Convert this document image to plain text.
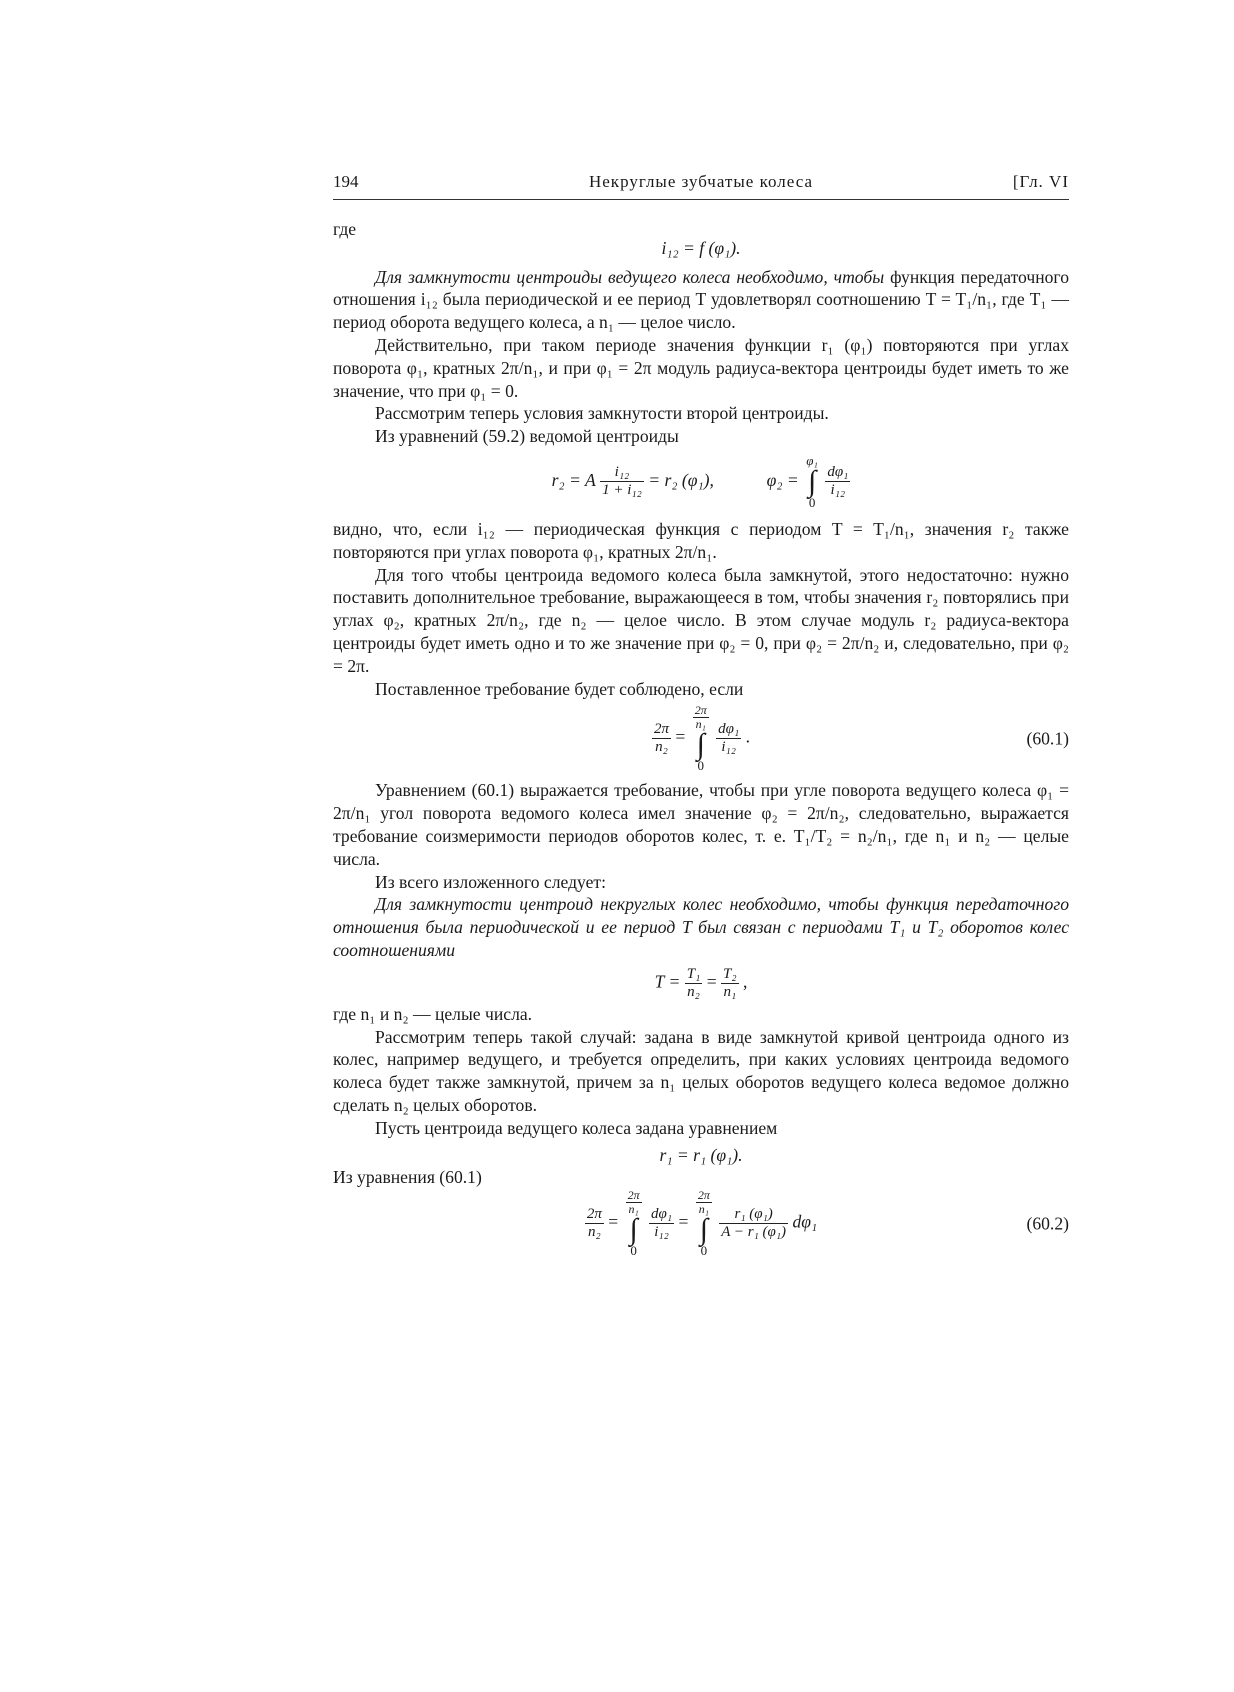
194	Некруглые зубчатые колеса	[Гл. VI

где

i₁₂ = f (φ₁).

Для замкнутости центроиды ведущего колеса необходимо, чтобы функция передаточного отношения i₁₂ была периодической и ее период T удовлетворял соотношению T = T₁/n₁, где T₁ — период оборота ведущего колеса, а n₁ — целое число.

Действительно, при таком периоде значения функции r₁ (φ₁) повторяются при углах поворота φ₁, кратных 2π/n₁, и при φ₁ = 2π модуль радиуса-вектора центроиды будет иметь то же значение, что при φ₁ = 0.

Рассмотрим теперь условия замкнутости второй центроиды.

Из уравнений (59.2) ведомой центроиды

r₂ = A $\frac{\text{i₁₂}}{\text{1 + i₁₂}} = r_2$ (φ₁),	φ₂ =
φ₁
∫
0

$\frac{\text{dφ₁}}{\text{i₁₂}}$

видно, что, если i₁₂ — периодическая функция с периодом T = T₁/n₁, значения r₂ также повторяются при углах поворота φ₁, кратных 2π/n₁.

Для того чтобы центроида ведомого колеса была замкнутой, этого недостаточно: нужно поставить дополнительное требование, выражающееся в том, чтобы значения r₂ повторялись при углах φ₂, кратных 2π/n₂, где n₂ — целое число. В этом случае модуль r₂ радиуса-вектора центроиды будет иметь одно и то же значение при φ₂ = 0, при φ₂ = 2π/n₂ и, следовательно, при φ₂ = 2π.

Поставленное требование будет соблюдено, если

$\frac{2\pi}{\text{n₂}}$ =
$\frac{2\pi}{\text{n₁}}$
∫
0

$\frac{\text{dφ₁}}{\text{i₁₂}}$ .	(60.1)

Уравнением (60.1) выражается требование, чтобы при угле поворота ведущего колеса φ₁ = 2π/n₁ угол поворота ведомого колеса имел значение φ₂ = 2π/n₂, следовательно, выражается требование соизмеримости периодов оборотов колес, т. е. T₁/T₂ = n₂/n₁, где n₁ и n₂ — целые числа.

Из всего изложенного следует:

Для замкнутости центроид некруглых колес необходимо, чтобы функция передаточного отношения была периодической и ее период T был связан с периодами T₁ и T₂ оборотов колес соотношениями

$T = \frac{\text{T₁}}{\text{n₂}} = \frac{\text{T₂}}{\text{n₁}}$ ,

где n₁ и n₂ — целые числа.

Рассмотрим теперь такой случай: задана в виде замкнутой кривой центроида одного из колес, например ведущего, и требуется определить, при каких условиях центроида ведомого колеса будет также замкнутой, причем за n₁ целых оборотов ведущего колеса ведомое должно сделать n₂ целых оборотов.

Пусть центроида ведущего колеса задана уравнением

r₁ = r₁ (φ₁).

Из уравнения (60.1)

$\frac{2\pi}{\text{n₂}}$ =
$\frac{2\pi}{\text{n₁}}$
∫
0

$\frac{\text{dφ₁}}{\text{i₁₂}}$ =
$\frac{2\pi}{\text{n₁}}$
∫
0

$\frac{\text{r₁ (φ₁)}}{\text{A − r₁ (φ₁)}} d\varphi_1$	(60.2)
